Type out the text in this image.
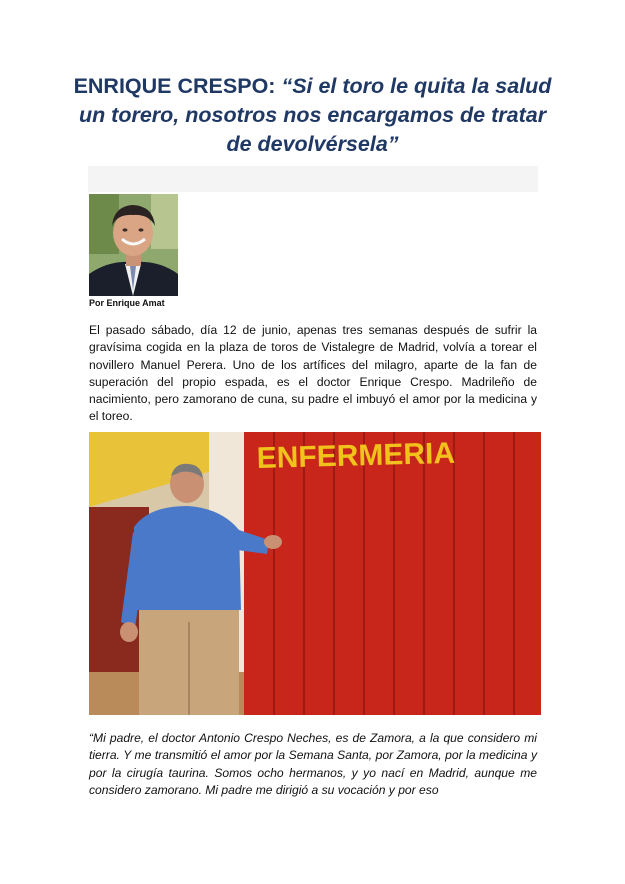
ENRIQUE CRESPO: “Si el toro le quita la salud un torero, nosotros nos encargamos de tratar de devolvérsela”
Por Enrique Amat

El pasado sábado, día 12 de junio, apenas tres semanas después de sufrir la gravísima cogida en la plaza de toros de Vistalegre de Madrid, volvía a torear el novillero Manuel Perera. Uno de los artífices del milagro, aparte de la fan de superación del propio espada, es el doctor Enrique Crespo. Madrileño de nacimiento, pero zamorano de cuna, su padre el imbuyó el amor por la medicina y el toreo.

ENFERMERIA

“Mi padre, el doctor Antonio Crespo Neches, es de Zamora, a la que considero mi tierra. Y me transmitió el amor por la Semana Santa, por Zamora, por la medicina y por la cirugía taurina. Somos ocho hermanos, y yo nací en Madrid, aunque me considero zamorano. Mi padre me dirigió a su vocación y por eso
